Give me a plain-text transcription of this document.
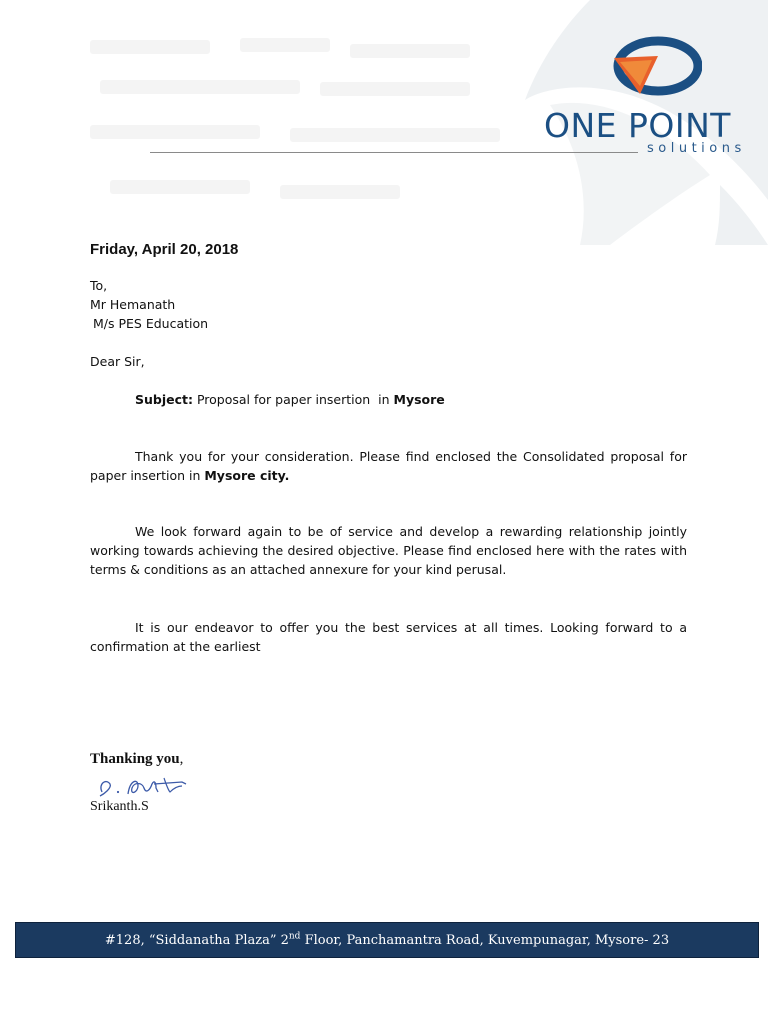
ONE POINT
solutions
Friday, April 20, 2018
To,
Mr Hemanath
M/s PES Education
Dear Sir,
Subject: Proposal for paper insertion  in Mysore
Thank you for your consideration. Please find enclosed the Consolidated proposal for paper insertion in Mysore city.
We look forward again to be of service and develop a rewarding relationship jointly working towards achieving the desired objective. Please find enclosed here with the rates with terms & conditions as an attached annexure for your kind perusal.
It is our endeavor to offer you the best services at all times. Looking forward to a confirmation at the earliest
Thanking you,
Srikanth.S
#128, “Siddanatha Plaza” 2nd Floor, Panchamantra Road, Kuvempunagar, Mysore- 23
